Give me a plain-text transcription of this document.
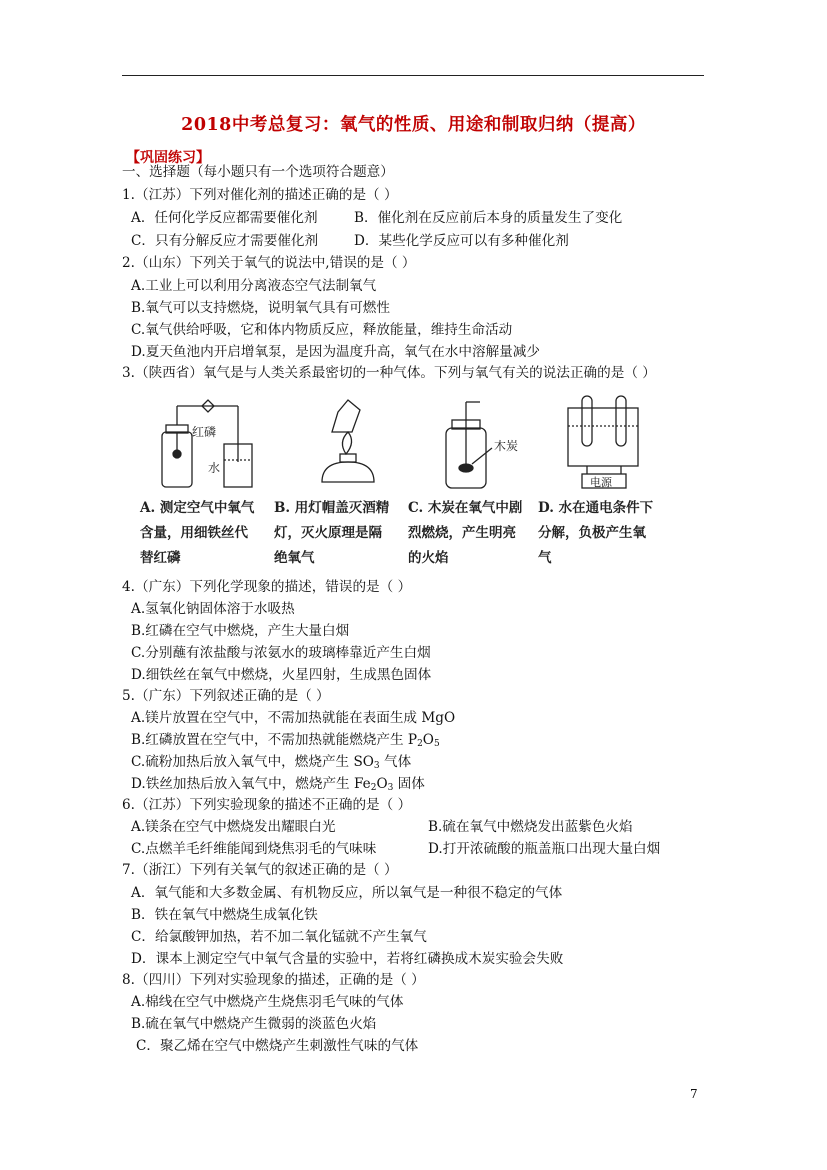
2018中考总复习：氧气的性质、用途和制取归纳（提高）
【巩固练习】
一、选择题（每小题只有一个选项符合题意）
1.（江苏）下列对催化剂的描述正确的是（ ）
A．任何化学反应都需要催化剂	B．催化剂在反应前后本身的质量发生了变化
C．只有分解反应才需要催化剂	D．某些化学反应可以有多种催化剂
2.（山东）下列关于氧气的说法中,错误的是（ ）
A.工业上可以利用分离液态空气法制氧气
B.氧气可以支持燃烧，说明氧气具有可燃性
C.氧气供给呼吸，它和体内物质反应，释放能量，维持生命活动
D.夏天鱼池内开启增氧泵，是因为温度升高，氧气在水中溶解量减少
3.（陕西省）氧气是与人类关系最密切的一种气体。下列与氧气有关的说法正确的是（ ）
红磷
水
木炭
电源
A. 测定空气中氧气含量，用细铁丝代替红磷
B. 用灯帽盖灭酒精灯，灭火原理是隔绝氧气
C. 木炭在氧气中剧烈燃烧，产生明亮的火焰
D. 水在通电条件下分解，负极产生氧气
4.（广东）下列化学现象的描述，错误的是（ ）
A.氢氧化钠固体溶于水吸热
B.红磷在空气中燃烧，产生大量白烟
C.分别蘸有浓盐酸与浓氨水的玻璃棒靠近产生白烟
D.细铁丝在氧气中燃烧，火星四射，生成黑色固体
5.（广东）下列叙述正确的是（ ）
A.镁片放置在空气中，不需加热就能在表面生成 MgO
B.红磷放置在空气中，不需加热就能燃烧产生 $P_2O_5$
C.硫粉加热后放入氧气中，燃烧产生 $SO_3$ 气体
D.铁丝加热后放入氧气中，燃烧产生 $Fe_2O_3$ 固体
6.（江苏）下列实验现象的描述不正确的是（ ）
A.镁条在空气中燃烧发出耀眼白光	B.硫在氧气中燃烧发出蓝紫色火焰
C.点燃羊毛纤维能闻到烧焦羽毛的气味味	D.打开浓硫酸的瓶盖瓶口出现大量白烟
7.（浙江）下列有关氧气的叙述正确的是（ ）
A．氧气能和大多数金属、有机物反应，所以氧气是一种很不稳定的气体
B．铁在氧气中燃烧生成氧化铁
C．给氯酸钾加热，若不加二氧化锰就不产生氧气
D．课本上测定空气中氧气含量的实验中，若将红磷换成木炭实验会失败
8.（四川）下列对实验现象的描述，正确的是（ ）
A.棉线在空气中燃烧产生烧焦羽毛气味的气体
B.硫在氧气中燃烧产生微弱的淡蓝色火焰
C．聚乙烯在空气中燃烧产生刺激性气味的气体
7
